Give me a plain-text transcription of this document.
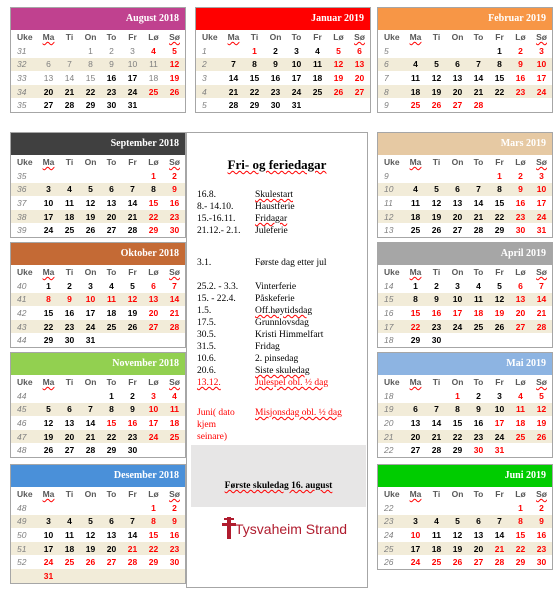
August 2018
Uke	Ma	Ti	On	To	Fr	Lø	Sø
31			1	2	3	4	5
32	6	7	8	9	10	11	12
33	13	14	15	16	17	18	19
34	20	21	22	23	24	25	26
35	27	28	29	30	31		
Januar 2019
Uke	Ma	Ti	On	To	Fr	Lø	Sø
1		1	2	3	4	5	6
2	7	8	9	10	11	12	13
3	14	15	16	17	18	19	20
4	21	22	23	24	25	26	27
5	28	29	30	31			
Februar 2019
Uke	Ma	Ti	On	To	Fr	Lø	Sø
5					1	2	3
6	4	5	6	7	8	9	10
7	11	12	13	14	15	16	17
8	18	19	20	21	22	23	24
9	25	26	27	28			
September 2018
Uke	Ma	Ti	On	To	Fr	Lø	Sø
35						1	2
36	3	4	5	6	7	8	9
37	10	11	12	13	14	15	16
38	17	18	19	20	21	22	23
39	24	25	26	27	28	29	30
Mars 2019
Uke	Ma	Ti	On	To	Fr	Lø	Sø
9					1	2	3
10	4	5	6	7	8	9	10
11	11	12	13	14	15	16	17
12	18	19	20	21	22	23	24
13	25	26	27	28	29	30	31
Oktober 2018
Uke	Ma	Ti	On	To	Fr	Lø	Sø
40	1	2	3	4	5	6	7
41	8	9	10	11	12	13	14
42	15	16	17	18	19	20	21
43	22	23	24	25	26	27	28
44	29	30	31				
April 2019
Uke	Ma	Ti	On	To	Fr	Lø	Sø
14	1	2	3	4	5	6	7
15	8	9	10	11	12	13	14
16	15	16	17	18	19	20	21
17	22	23	24	25	26	27	28
18	29	30					
November 2018
Uke	Ma	Ti	On	To	Fr	Lø	Sø
44				1	2	3	4
45	5	6	7	8	9	10	11
46	12	13	14	15	16	17	18
47	19	20	21	22	23	24	25
48	26	27	28	29	30		
Mai 2019
Uke	Ma	Ti	On	To	Fr	Lø	Sø
18			1	2	3	4	5
19	6	7	8	9	10	11	12
20	13	14	15	16	17	18	19
21	20	21	22	23	24	25	26
22	27	28	29	30	31		
Desember 2018
Uke	Ma	Ti	On	To	Fr	Lø	Sø
48						1	2
49	3	4	5	6	7	8	9
50	10	11	12	13	14	15	16
51	17	18	19	20	21	22	23
52	24	25	26	27	28	29	30
	31						
Juni 2019
Uke	Ma	Ti	On	To	Fr	Lø	Sø
22						1	2
23	3	4	5	6	7	8	9
24	10	11	12	13	14	15	16
25	17	18	19	20	21	22	23
26	24	25	26	27	28	29	30
Fri- og feriedagar
16.8.	Skulestart
8.- 14.10.	Haustferie
15.-16.11.	Fridagar
21.12.- 2.1.	Juleferie
3.1.	Første dag etter jul
25.2. - 3.3.	Vinterferie
15. - 22.4.	Påskeferie
1.5.	Off.høytidsdag
17.5.	Grunnlovsdag
30.5.	Kristi Himmelfart
31.5.	Fridag
10.6.	2. pinsedag
20.6.	Siste skuledag
13.12.	Julespel obl. ½ dag
Juni( dato kjem seinare)
Misjonsdag obl. ½ dag
Første skuledag 16. august
Tysvaheim Strand
